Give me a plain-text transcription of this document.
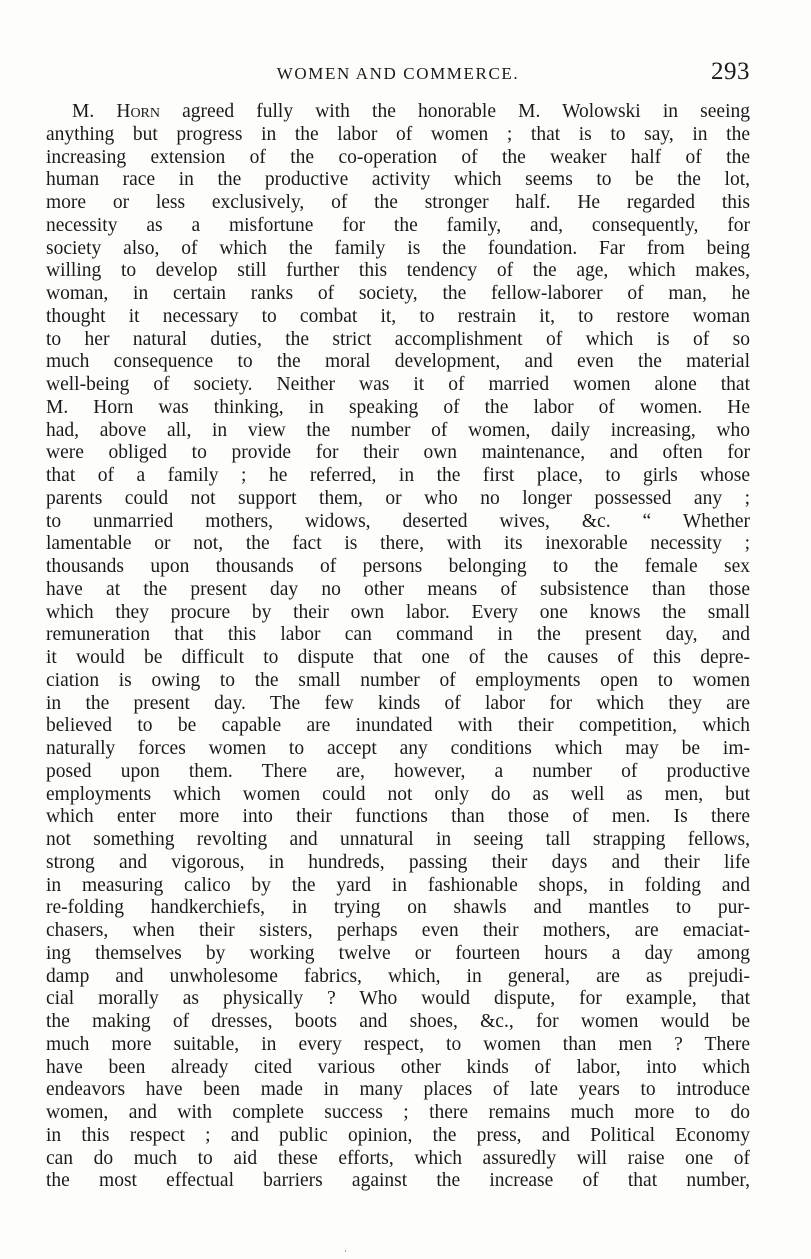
WOMEN AND COMMERCE.	293
M. Horn agreed fully with the honorable M. Wolowski in seeing
anything but progress in the labor of women ; that is to say, in the
increasing extension of the co-operation of the weaker half of the
human race in the productive activity which seems to be the lot,
more or less exclusively, of the stronger half. He regarded this
necessity as a misfortune for the family, and, consequently, for
society also, of which the family is the foundation. Far from being
willing to develop still further this tendency of the age, which makes,
woman, in certain ranks of society, the fellow-laborer of man, he
thought it necessary to combat it, to restrain it, to restore woman
to her natural duties, the strict accomplishment of which is of so
much consequence to the moral development, and even the material
well-being of society. Neither was it of married women alone that
M. Horn was thinking, in speaking of the labor of women. He
had, above all, in view the number of women, daily increasing, who
were obliged to provide for their own maintenance, and often for
that of a family ; he referred, in the first place, to girls whose
parents could not support them, or who no longer possessed any ;
to unmarried mothers, widows, deserted wives, &c. “ Whether
lamentable or not, the fact is there, with its inexorable necessity ;
thousands upon thousands of persons belonging to the female sex
have at the present day no other means of subsistence than those
which they procure by their own labor. Every one knows the small
remuneration that this labor can command in the present day, and
it would be difficult to dispute that one of the causes of this depre-
ciation is owing to the small number of employments open to women
in the present day. The few kinds of labor for which they are
believed to be capable are inundated with their competition, which
naturally forces women to accept any conditions which may be im-
posed upon them. There are, however, a number of productive
employments which women could not only do as well as men, but
which enter more into their functions than those of men. Is there
not something revolting and unnatural in seeing tall strapping fellows,
strong and vigorous, in hundreds, passing their days and their life
in measuring calico by the yard in fashionable shops, in folding and
re-folding handkerchiefs, in trying on shawls and mantles to pur-
chasers, when their sisters, perhaps even their mothers, are emaciat-
ing themselves by working twelve or fourteen hours a day among
damp and unwholesome fabrics, which, in general, are as prejudi-
cial morally as physically ? Who would dispute, for example, that
the making of dresses, boots and shoes, &c., for women would be
much more suitable, in every respect, to women than men ? There
have been already cited various other kinds of labor, into which
endeavors have been made in many places of late years to introduce
women, and with complete success ; there remains much more to do
in this respect ; and public opinion, the press, and Political Economy
can do much to aid these efforts, which assuredly will raise one of
the most effectual barriers against the increase of that number,
·
